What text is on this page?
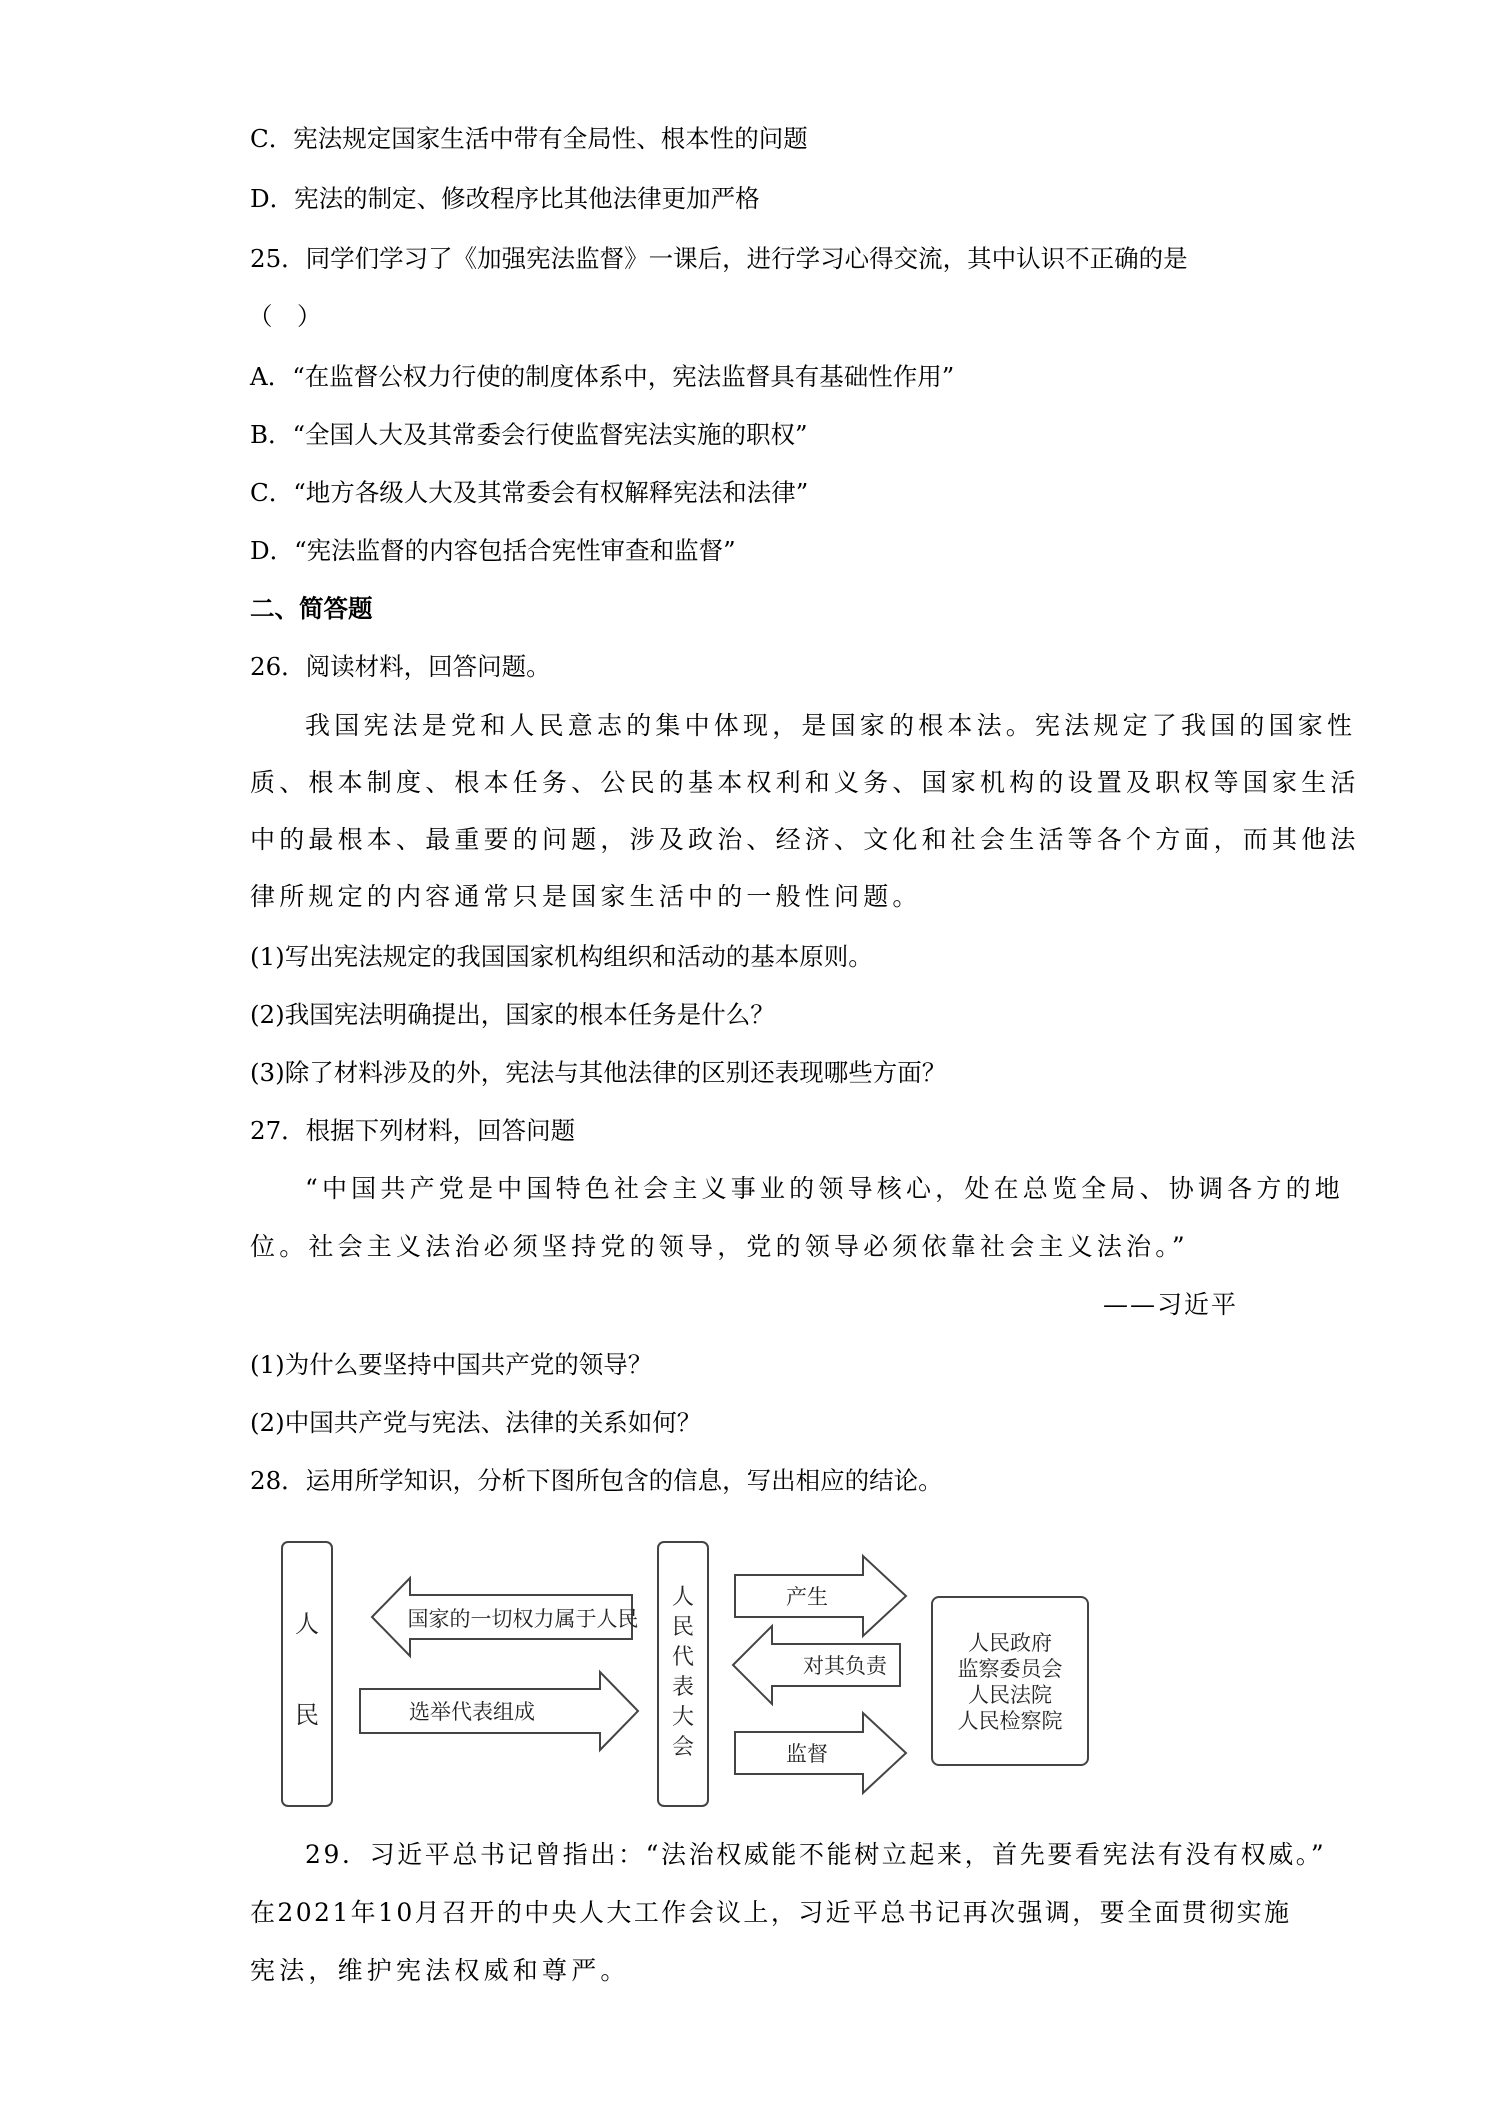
C．宪法规定国家生活中带有全局性、根本性的问题
D．宪法的制定、修改程序比其他法律更加严格
25．同学们学习了《加强宪法监督》一课后，进行学习心得交流，其中认识不正确的是
（　）
A．“在监督公权力行使的制度体系中，宪法监督具有基础性作用”
B．“全国人大及其常委会行使监督宪法实施的职权”
C．“地方各级人大及其常委会有权解释宪法和法律”
D．“宪法监督的内容包括合宪性审查和监督”
二、简答题
26．阅读材料，回答问题。
我国宪法是党和人民意志的集中体现，是国家的根本法。宪法规定了我国的国家性
质、根本制度、根本任务、公民的基本权利和义务、国家机构的设置及职权等国家生活
中的最根本、最重要的问题，涉及政治、经济、文化和社会生活等各个方面，而其他法
律所规定的内容通常只是国家生活中的一般性问题。
(1)写出宪法规定的我国国家机构组织和活动的基本原则。
(2)我国宪法明确提出，国家的根本任务是什么？
(3)除了材料涉及的外，宪法与其他法律的区别还表现哪些方面？
27．根据下列材料，回答问题
“中国共产党是中国特色社会主义事业的领导核心，处在总览全局、协调各方的地
位。社会主义法治必须坚持党的领导，党的领导必须依靠社会主义法治。”
——习近平
(1)为什么要坚持中国共产党的领导？
(2)中国共产党与宪法、法律的关系如何？
28．运用所学知识，分析下图所包含的信息，写出相应的结论。
人
民
国家的一切权力属于人民
选举代表组成
人
民
代
表
大
会
产生
对其负责
监督
人民政府
监察委员会
人民法院
人民检察院
29．习近平总书记曾指出：“法治权威能不能树立起来，首先要看宪法有没有权威。”
在2021年10月召开的中央人大工作会议上，习近平总书记再次强调，要全面贯彻实施
宪法，维护宪法权威和尊严。
